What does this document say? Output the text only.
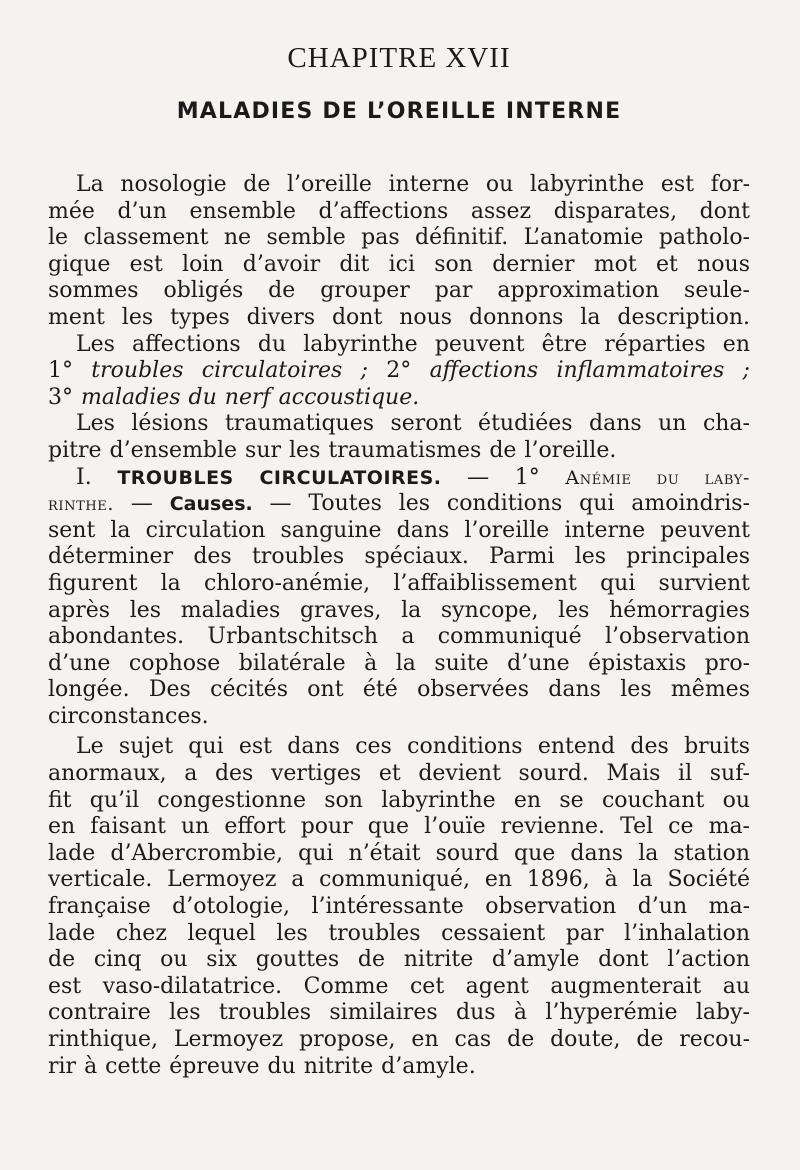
CHAPITRE XVII
MALADIES DE L’OREILLE INTERNE
La nosologie de l’oreille interne ou labyrinthe est for-
mée d’un ensemble d’affections assez disparates, dont
le classement ne semble pas définitif. L’anatomie patholo-
gique est loin d’avoir dit ici son dernier mot et nous
sommes obligés de grouper par approximation seule-
ment les types divers dont nous donnons la description.
Les affections du labyrinthe peuvent être réparties en
1° troubles circulatoires ; 2° affections inflammatoires ;
3° maladies du nerf accoustique.
Les lésions traumatiques seront étudiées dans un cha-
pitre d’ensemble sur les traumatismes de l’oreille.
I. TROUBLES CIRCULATOIRES. — 1° Anémie du laby-
rinthe. — Causes. — Toutes les conditions qui amoindris-
sent la circulation sanguine dans l’oreille interne peuvent
déterminer des troubles spéciaux. Parmi les principales
figurent la chloro-anémie, l’affaiblissement qui survient
après les maladies graves, la syncope, les hémorragies
abondantes. Urbantschitsch a communiqué l’observation
d’une cophose bilatérale à la suite d’une épistaxis pro-
longée. Des cécités ont été observées dans les mêmes
circonstances.
Le sujet qui est dans ces conditions entend des bruits
anormaux, a des vertiges et devient sourd. Mais il suf-
fit qu’il congestionne son labyrinthe en se couchant ou
en faisant un effort pour que l’ouïe revienne. Tel ce ma-
lade d’Abercrombie, qui n’était sourd que dans la station
verticale. Lermoyez a communiqué, en 1896, à la Société
française d’otologie, l’intéressante observation d’un ma-
lade chez lequel les troubles cessaient par l’inhalation
de cinq ou six gouttes de nitrite d’amyle dont l’action
est vaso-dilatatrice. Comme cet agent augmenterait au
contraire les troubles similaires dus à l’hyperémie laby-
rinthique, Lermoyez propose, en cas de doute, de recou-
rir à cette épreuve du nitrite d’amyle.
